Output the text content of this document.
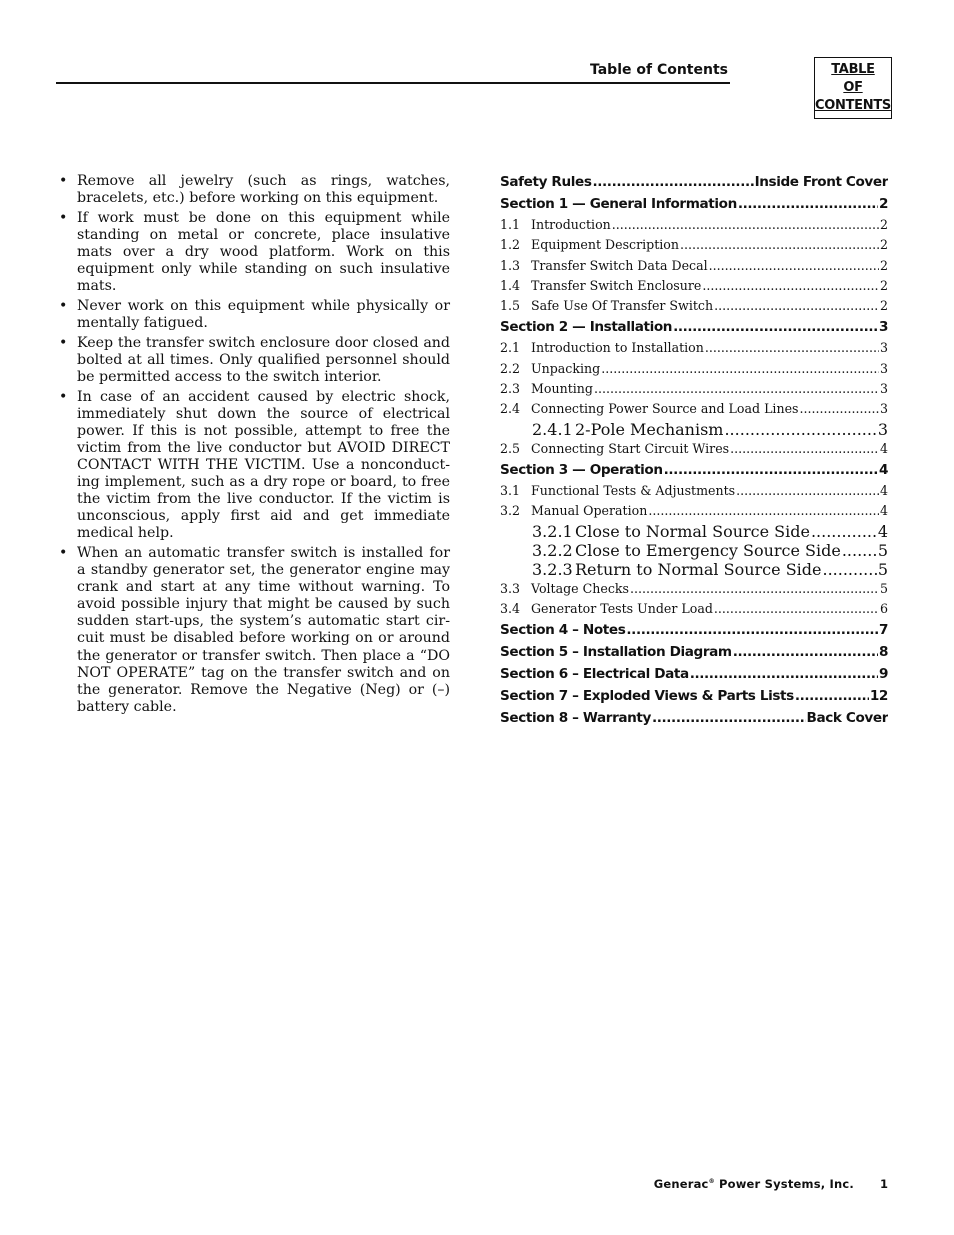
Table of Contents	TABLE
OF
CONTENTS
• Remove all jewelry (such as rings, watches, bracelets, etc.) before working on this equipment.
• If work must be done on this equipment while standing on metal or concrete, place insulative mats over a dry wood platform. Work on this equipment only while standing on such insulative mats.
• Never work on this equipment while physically or mentally fatigued.
• Keep the transfer switch enclosure door closed and bolted at all times. Only qualified personnel should be permitted access to the switch interior.
• In case of an accident caused by electric shock, immediately shut down the source of electrical power. If this is not possible, attempt to free the victim from the live conductor but AVOID DIRECT CONTACT WITH THE VICTIM. Use a nonconducting implement, such as a dry rope or board, to free the victim from the live conductor. If the victim is unconscious, apply first aid and get immediate medical help.
• When an automatic transfer switch is installed for a standby generator set, the generator engine may crank and start at any time without warning. To avoid possible injury that might be caused by such sudden start-ups, the system’s automatic start circuit must be disabled before working on or around the generator or transfer switch. Then place a “DO NOT OPERATE” tag on the transfer switch and on the generator. Remove the Negative (Neg) or (–) battery cable.
Safety Rules .....	Inside Front Cover
Section 1 — General Information .....	2
1.1 Introduction .....	2
1.2 Equipment Description .....	2
1.3 Transfer Switch Data Decal .....	2
1.4 Transfer Switch Enclosure .....	2
1.5 Safe Use Of Transfer Switch .....	2
Section 2 — Installation .....	3
2.1 Introduction to Installation .....	3
2.2 Unpacking .....	3
2.3 Mounting .....	3
2.4 Connecting Power Source and Load Lines .....	3
2.4.1 2-Pole Mechanism .....	3
2.5 Connecting Start Circuit Wires .....	4
Section 3 — Operation .....	4
3.1 Functional Tests & Adjustments .....	4
3.2 Manual Operation .....	4
3.2.1 Close to Normal Source Side .....	4
3.2.2 Close to Emergency Source Side ..... 5
3.2.3 Return to Normal Source Side .....	5
3.3 Voltage Checks .....	5
3.4 Generator Tests Under Load .....	6
Section 4 – Notes .....	7
Section 5 – Installation Diagram .....	8
Section 6 – Electrical Data .....	9
Section 7 – Exploded Views & Parts Lists .....	12
Section 8 – Warranty .....	Back Cover
Generac® Power Systems, Inc. 1
